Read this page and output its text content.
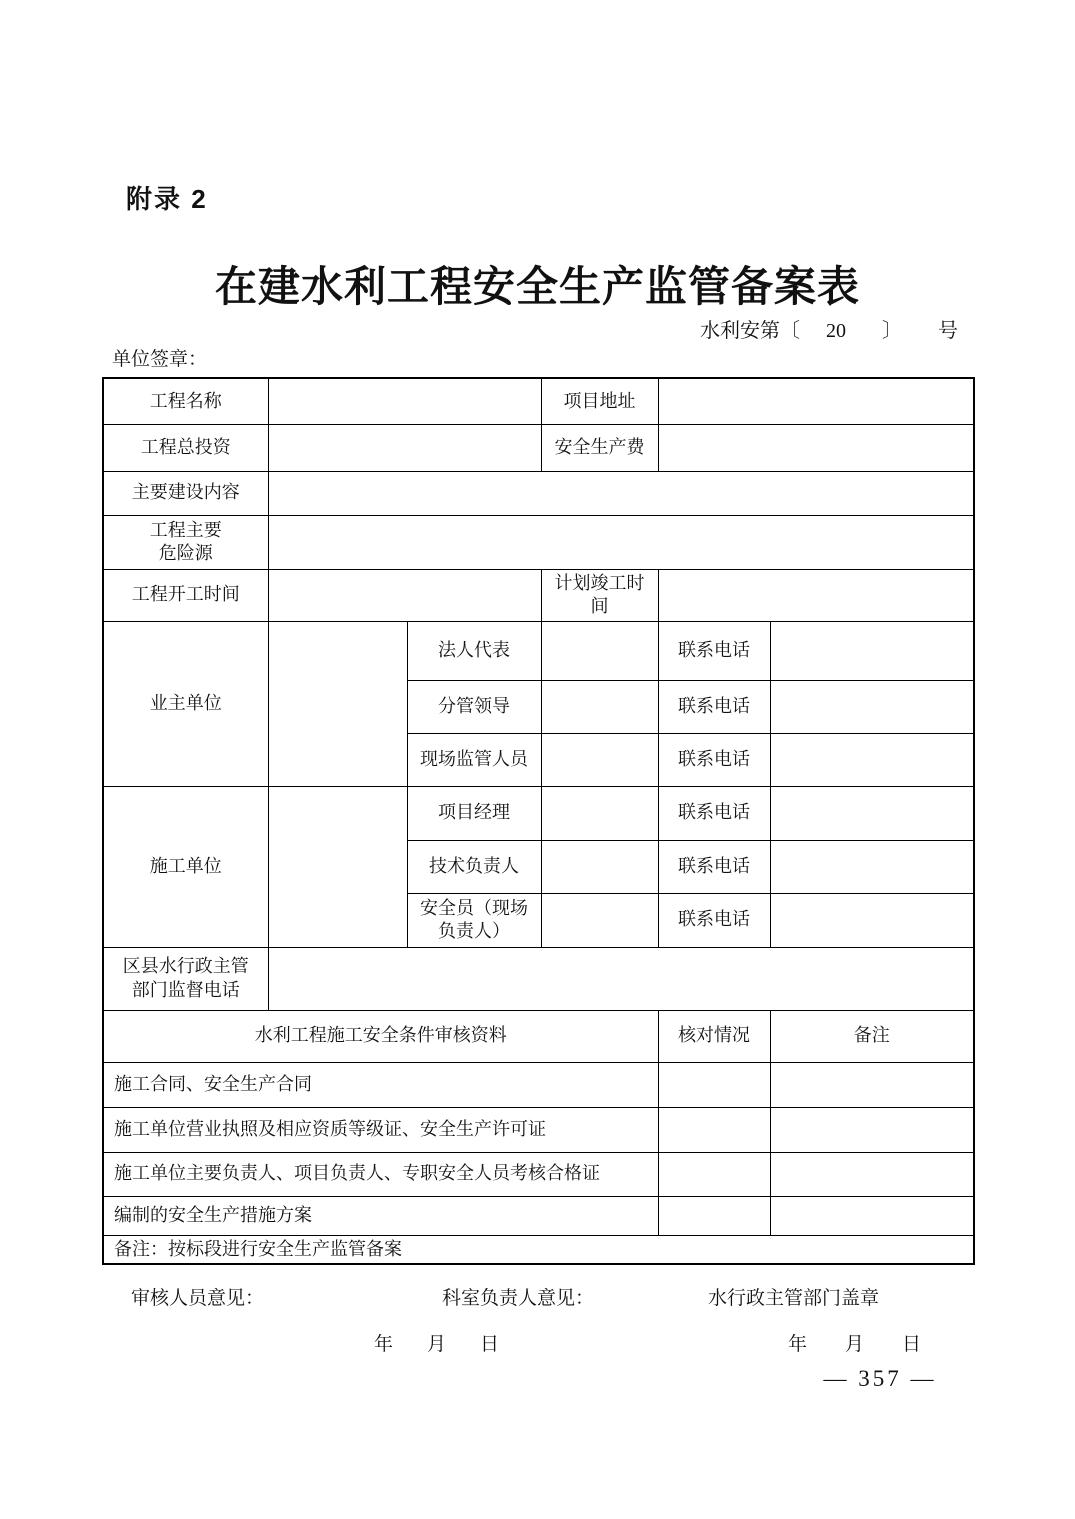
附录 2
在建水利工程安全生产监管备案表
水利安第〔 20 〕 号
单位签章：
工程名称			项目地址		
工程总投资			安全生产费		
主要建设内容					
工程主要危险源					
工程开工时间			计划竣工时间		
业主单位		法人代表		联系电话	
		分管领导		联系电话	
		现场监管人员		联系电话	
施工单位		项目经理		联系电话	
		技术负责人		联系电话	
		安全员（现场负责人）		联系电话	
区县水行政主管部门监督电话					
水利工程施工安全条件审核资料				核对情况	备注
施工合同、安全生产合同					
施工单位营业执照及相应资质等级证、安全生产许可证					
施工单位主要负责人、项目负责人、专职安全人员考核合格证					
编制的安全生产措施方案					
备注：按标段进行安全生产监管备案					
审核人员意见：	科室负责人意见：	水行政主管部门盖章
年 月 日	年 月 日
— 357 —
